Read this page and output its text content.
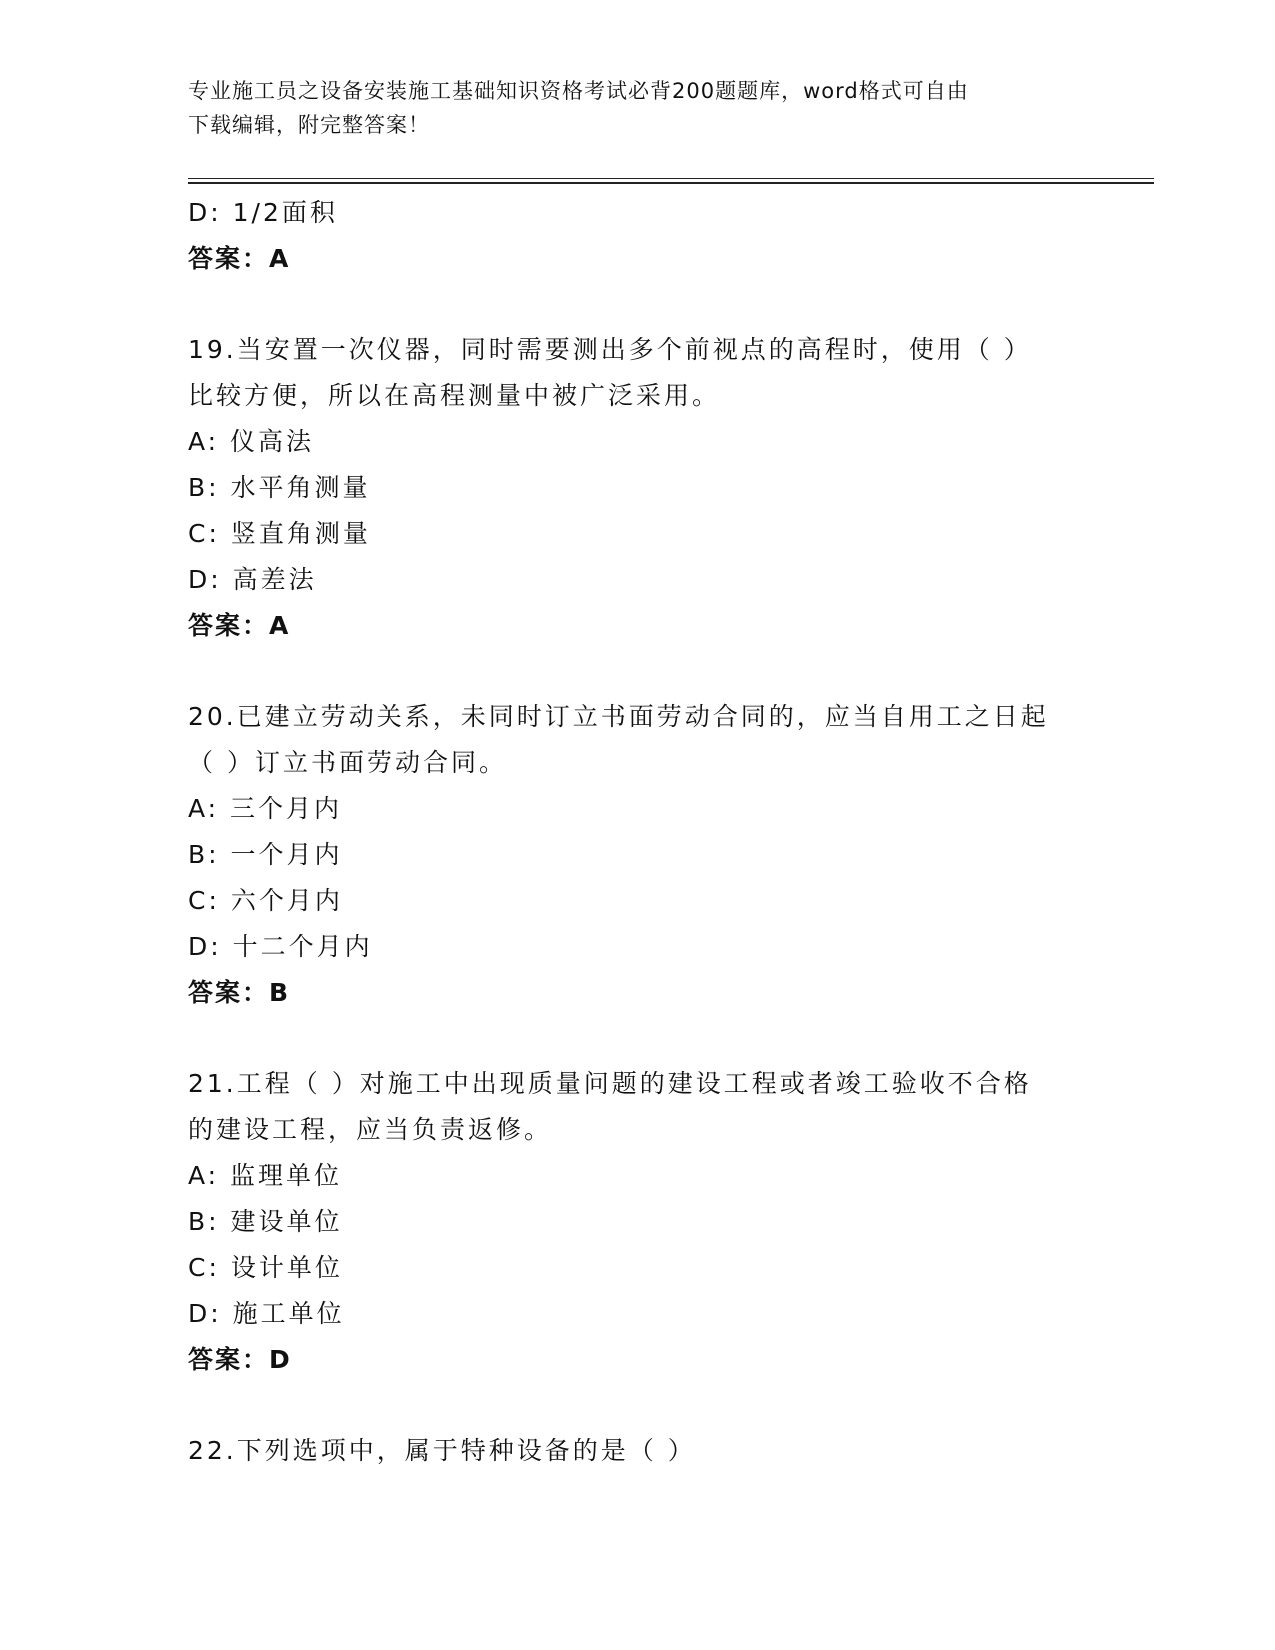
专业施工员之设备安装施工基础知识资格考试必背200题题库，word格式可自由
下载编辑，附完整答案！
D: 1/2面积
答案：A
19.当安置一次仪器，同时需要测出多个前视点的高程时，使用（ ）
比较方便，所以在高程测量中被广泛采用。
A: 仪高法
B: 水平角测量
C: 竖直角测量
D: 高差法
答案：A
20.已建立劳动关系，未同时订立书面劳动合同的，应当自用工之日起
（ ）订立书面劳动合同。
A: 三个月内
B: 一个月内
C: 六个月内
D: 十二个月内
答案：B
21.工程（ ）对施工中出现质量问题的建设工程或者竣工验收不合格
的建设工程，应当负责返修。
A: 监理单位
B: 建设单位
C: 设计单位
D: 施工单位
答案：D
22.下列选项中，属于特种设备的是（ ）
